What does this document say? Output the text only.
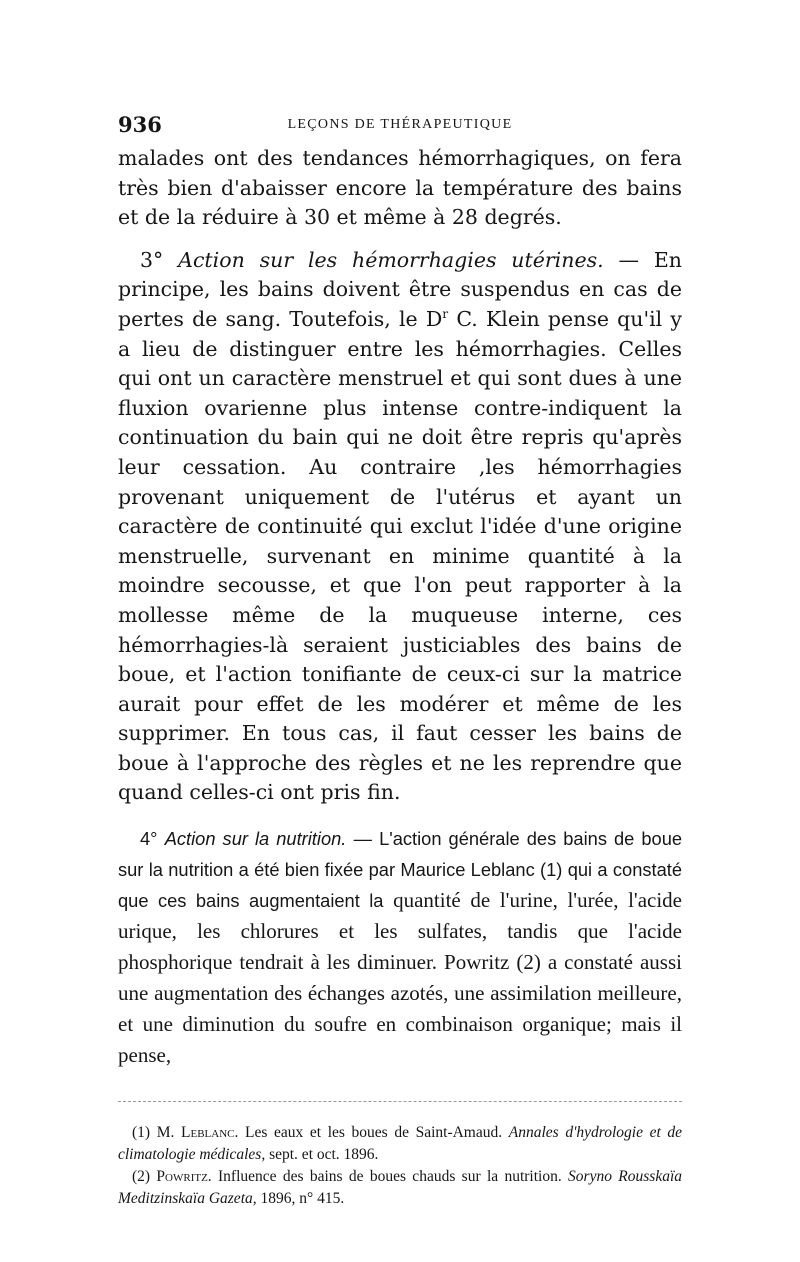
936	LEÇONS DE THÉRAPEUTIQUE

malades ont des tendances hémorrhagiques, on fera très bien d'abaisser encore la température des bains et de la réduire à 30 et même à 28 degrés.

3° Action sur les hémorrhagies utérines. — En principe, les bains doivent être suspendus en cas de pertes de sang. Toutefois, le $D^r$ C. Klein pense qu'il y a lieu de distinguer entre les hémorrhagies. Celles qui ont un caractère menstruel et qui sont dues à une fluxion ovarienne plus intense contre-indiquent la continuation du bain qui ne doit être repris qu'après leur cessation. Au contraire ,les hémorrhagies provenant uniquement de l'utérus et ayant un caractère de continuité qui exclut l'idée d'une origine menstruelle, survenant en minime quantité à la moindre secousse, et que l'on peut rapporter à la mollesse même de la muqueuse interne, ces hémorrhagies-là seraient justiciables des bains de boue, et l'action tonifiante de ceux-ci sur la matrice aurait pour effet de les modérer et même de les supprimer. En tous cas, il faut cesser les bains de boue à l'approche des règles et ne les reprendre que quand celles-ci ont pris fin.

4° Action sur la nutrition. — L'action générale des bains de boue sur la nutrition a été bien fixée par Maurice Leblanc (1) qui a constaté que ces bains augmentaient la quantité de l'urine, l'urée, l'acide urique, les chlorures et les sulfates, tandis que l'acide phosphorique tendrait à les diminuer. Powritz (2) a constaté aussi une augmentation des échanges azotés, une assimilation meilleure, et une diminution du soufre en combinaison organique; mais il pense,

(1) M. Leblanc. Les eaux et les boues de Saint-Amaud. Annales d'hydrologie et de climatologie médicales, sept. et oct. 1896.

(2) Powritz. Influence des bains de boues chauds sur la nutrition. Soryno Rousskaïa Meditzinskaïa Gazeta, 1896, n° 415.
